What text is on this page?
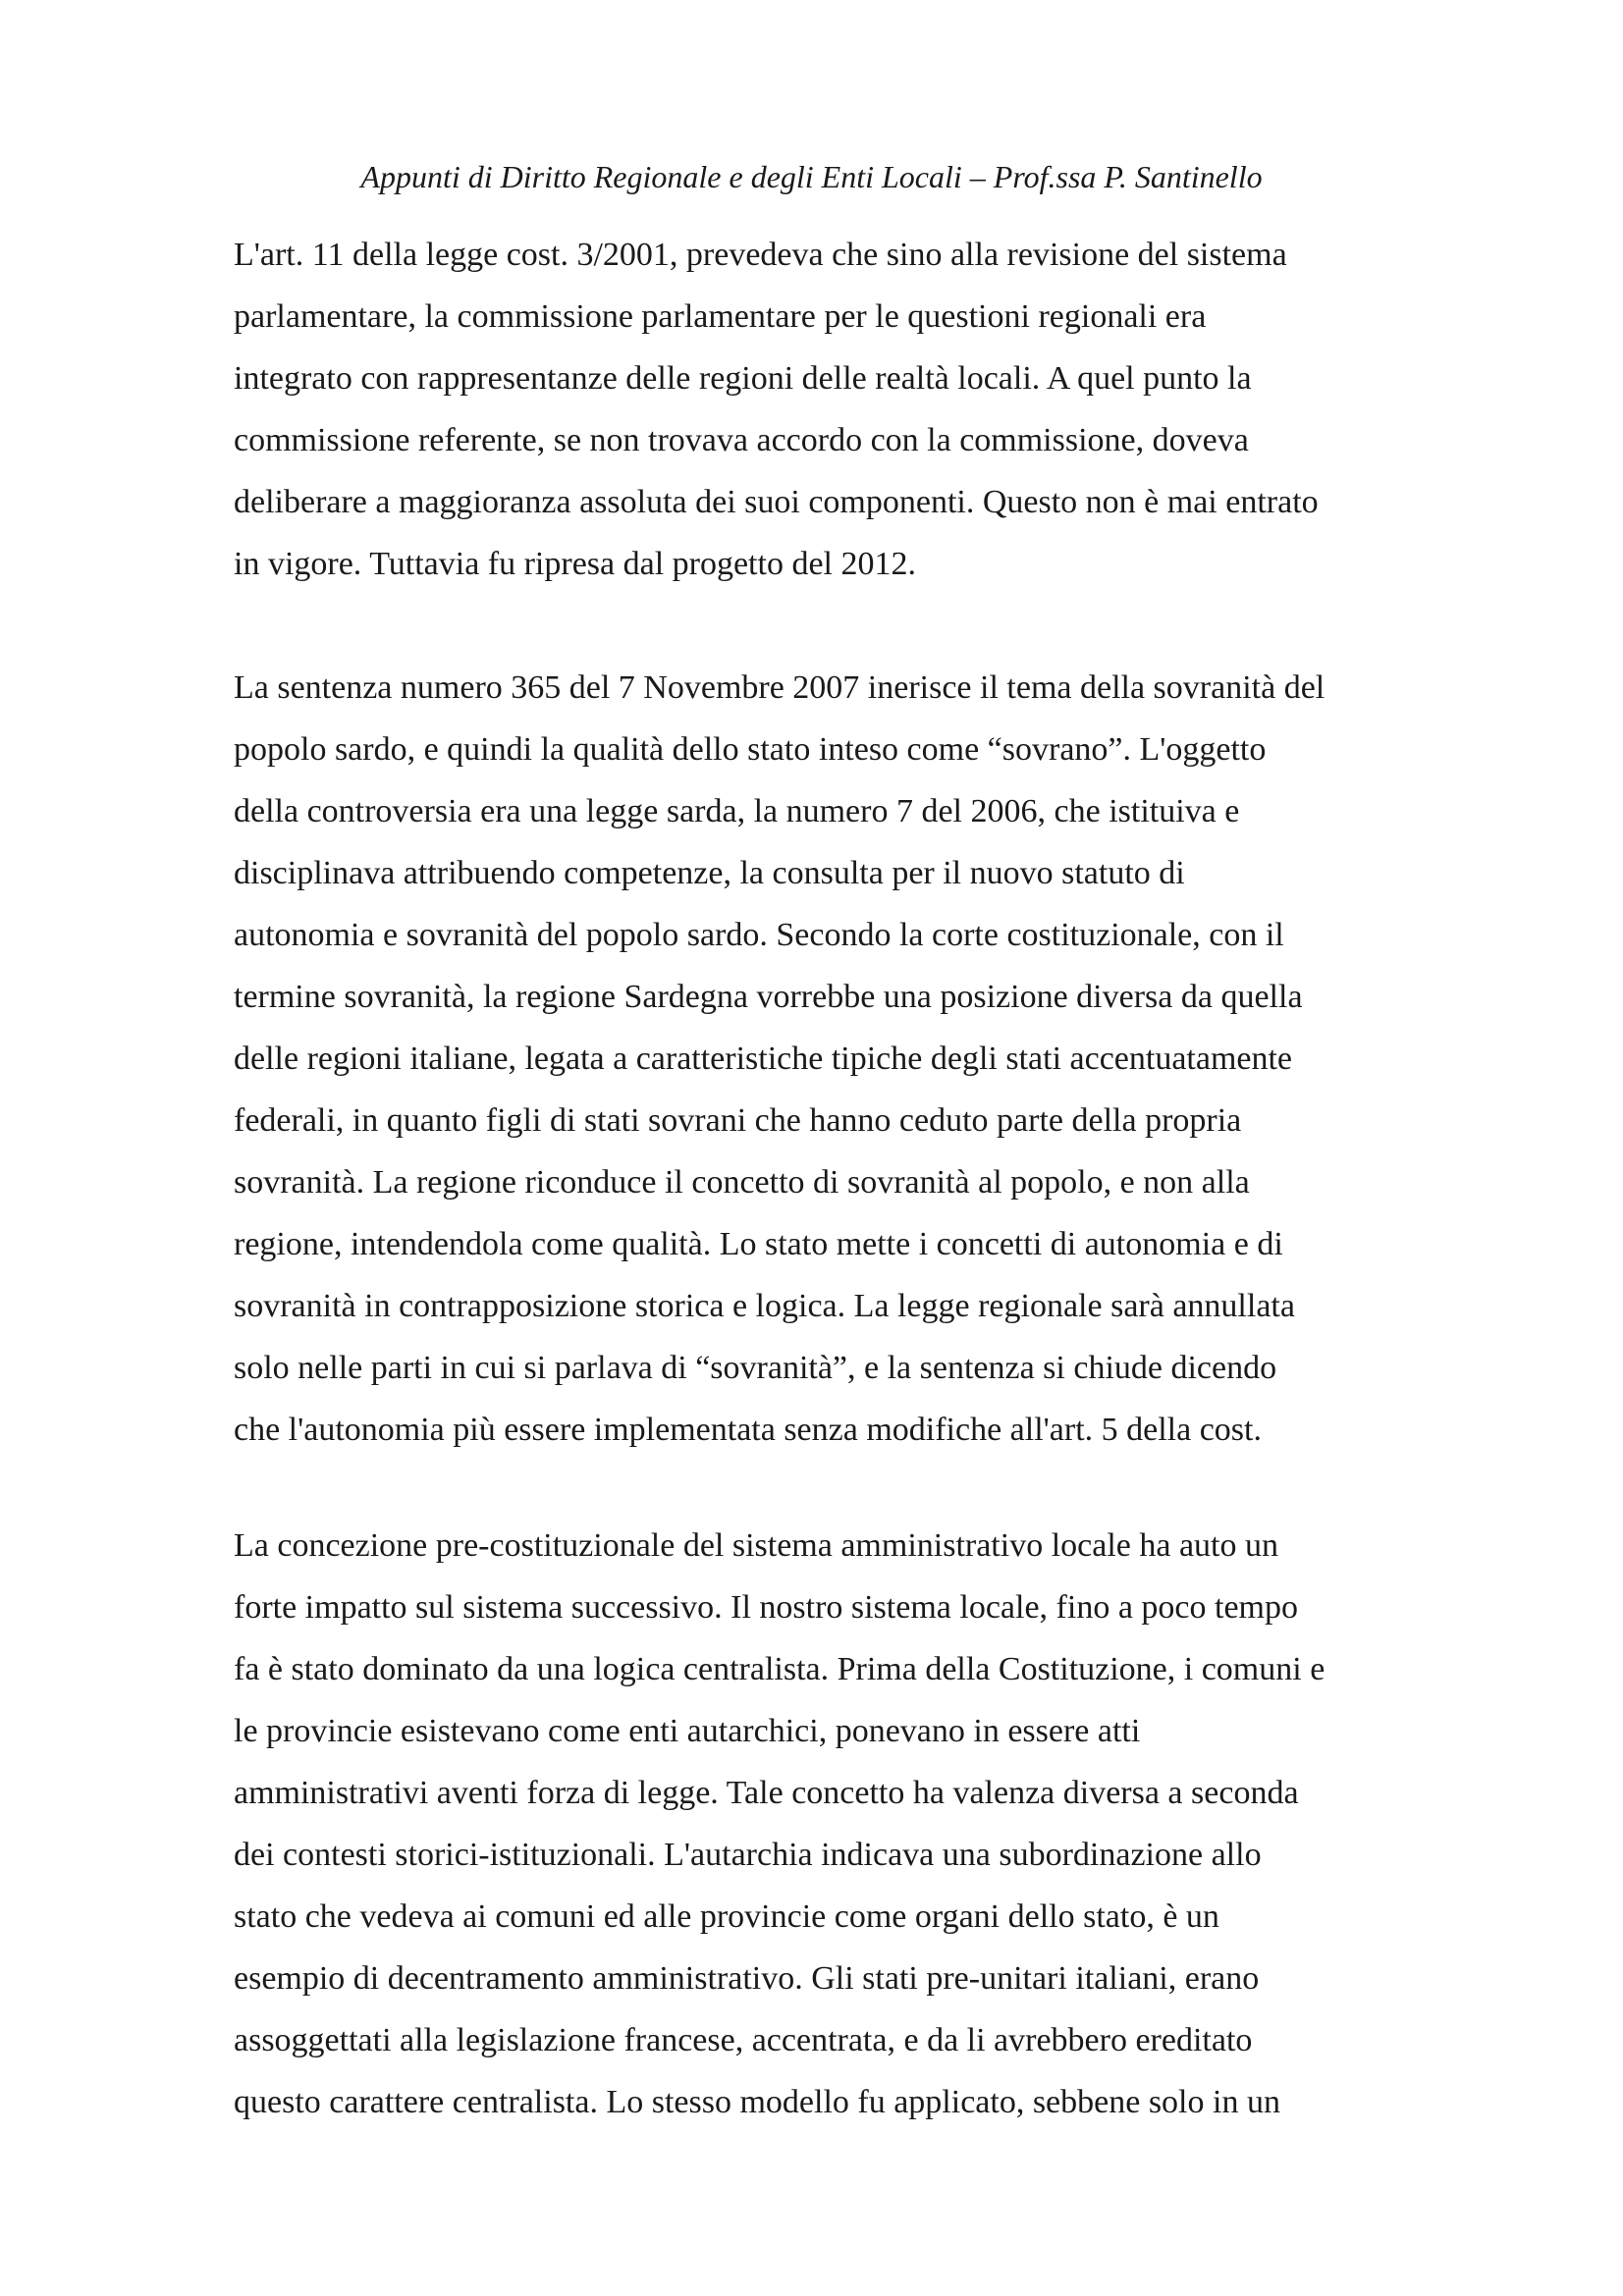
Appunti di Diritto Regionale e degli Enti Locali – Prof.ssa P. Santinello
L'art. 11 della legge cost. 3/2001, prevedeva che sino alla revisione del sistema
parlamentare, la commissione parlamentare per le questioni regionali era
integrato con rappresentanze delle regioni delle realtà locali. A quel punto la
commissione referente, se non trovava accordo con la commissione, doveva
deliberare a maggioranza assoluta dei suoi componenti. Questo non è mai entrato
in vigore. Tuttavia fu ripresa dal progetto del 2012.
La sentenza numero 365 del 7 Novembre 2007 inerisce il tema della sovranità del
popolo sardo, e quindi la qualità dello stato inteso come “sovrano”. L'oggetto
della controversia era una legge sarda, la numero 7 del 2006, che istituiva e
disciplinava attribuendo competenze, la consulta per il nuovo statuto di
autonomia e sovranità del popolo sardo. Secondo la corte costituzionale, con il
termine sovranità, la regione Sardegna vorrebbe una posizione diversa da quella
delle regioni italiane, legata a caratteristiche tipiche degli stati accentuatamente
federali, in quanto figli di stati sovrani che hanno ceduto parte della propria
sovranità. La regione riconduce il concetto di sovranità al popolo, e non alla
regione, intendendola come qualità. Lo stato mette i concetti di autonomia e di
sovranità in contrapposizione storica e logica. La legge regionale sarà annullata
solo nelle parti in cui si parlava di “sovranità”, e la sentenza si chiude dicendo
che l'autonomia più essere implementata senza modifiche all'art. 5 della cost.
La concezione pre-costituzionale del sistema amministrativo locale ha auto un
forte impatto sul sistema successivo. Il nostro sistema locale, fino a poco tempo
fa è stato dominato da una logica centralista. Prima della Costituzione, i comuni e
le provincie esistevano come enti autarchici, ponevano in essere atti
amministrativi aventi forza di legge. Tale concetto ha valenza diversa a seconda
dei contesti storici-istituzionali. L'autarchia indicava una subordinazione allo
stato che vedeva ai comuni ed alle provincie come organi dello stato, è un
esempio di decentramento amministrativo. Gli stati pre-unitari italiani, erano
assoggettati alla legislazione francese, accentrata, e da li avrebbero ereditato
questo carattere centralista. Lo stesso modello fu applicato, sebbene solo in un
